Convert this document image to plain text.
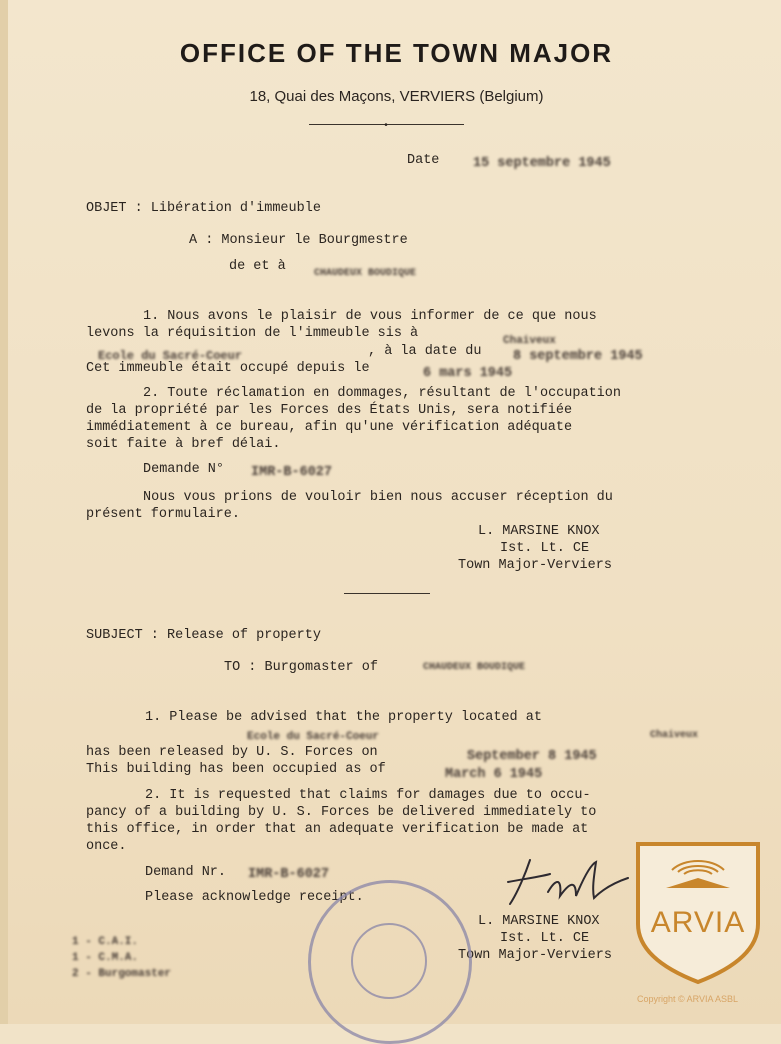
OFFICE OF THE TOWN MAJOR
18, Quai des Maçons, VERVIERS (Belgium)
•
Date 15 septembre 1945
OBJET : Libération d'immeuble
A : Monsieur le Bourgmestre
de et à	CHAUDEUX BOUDIQUE
1. Nous avons le plaisir de vous informer de ce que nous
levons la réquisition de l'immeuble sis à	Chaiveux
Ecole du Sacré-Coeur	, à la date du 8 septembre 1945
Cet immeuble était occupé depuis le	6 mars 1945
2. Toute réclamation en dommages, résultant de l'occupation
de la propriété par les Forces des États Unis, sera notifiée
immédiatement à ce bureau, afin qu'une vérification adéquate
soit faite à bref délai.
Demande N° IMR-B-6027
Nous vous prions de vouloir bien nous accuser réception du
présent formulaire.
L. MARSINE KNOX
Ist. Lt. CE
Town Major-Verviers
SUBJECT : Release of property
TO : Burgomaster of	CHAUDEUX BOUDIQUE
1. Please be advised that the property located at
Ecole du Sacré-Coeur	Chaiveux
has been released by U. S. Forces on	September 8 1945
This building has been occupied as of	March 6 1945
2. It is requested that claims for damages due to occu-
pancy of a building by U. S. Forces be delivered immediately to
this office, in order that an adequate verification be made at
once.
Demand Nr. IMR-B-6027
Please acknowledge receipt.
L. MARSINE KNOX
Ist. Lt. CE
Town Major-Verviers
1 - C.A.I.
1 - C.M.A.
2 - Burgomaster
ARVIA
Copyright © ARVIA ASBL
